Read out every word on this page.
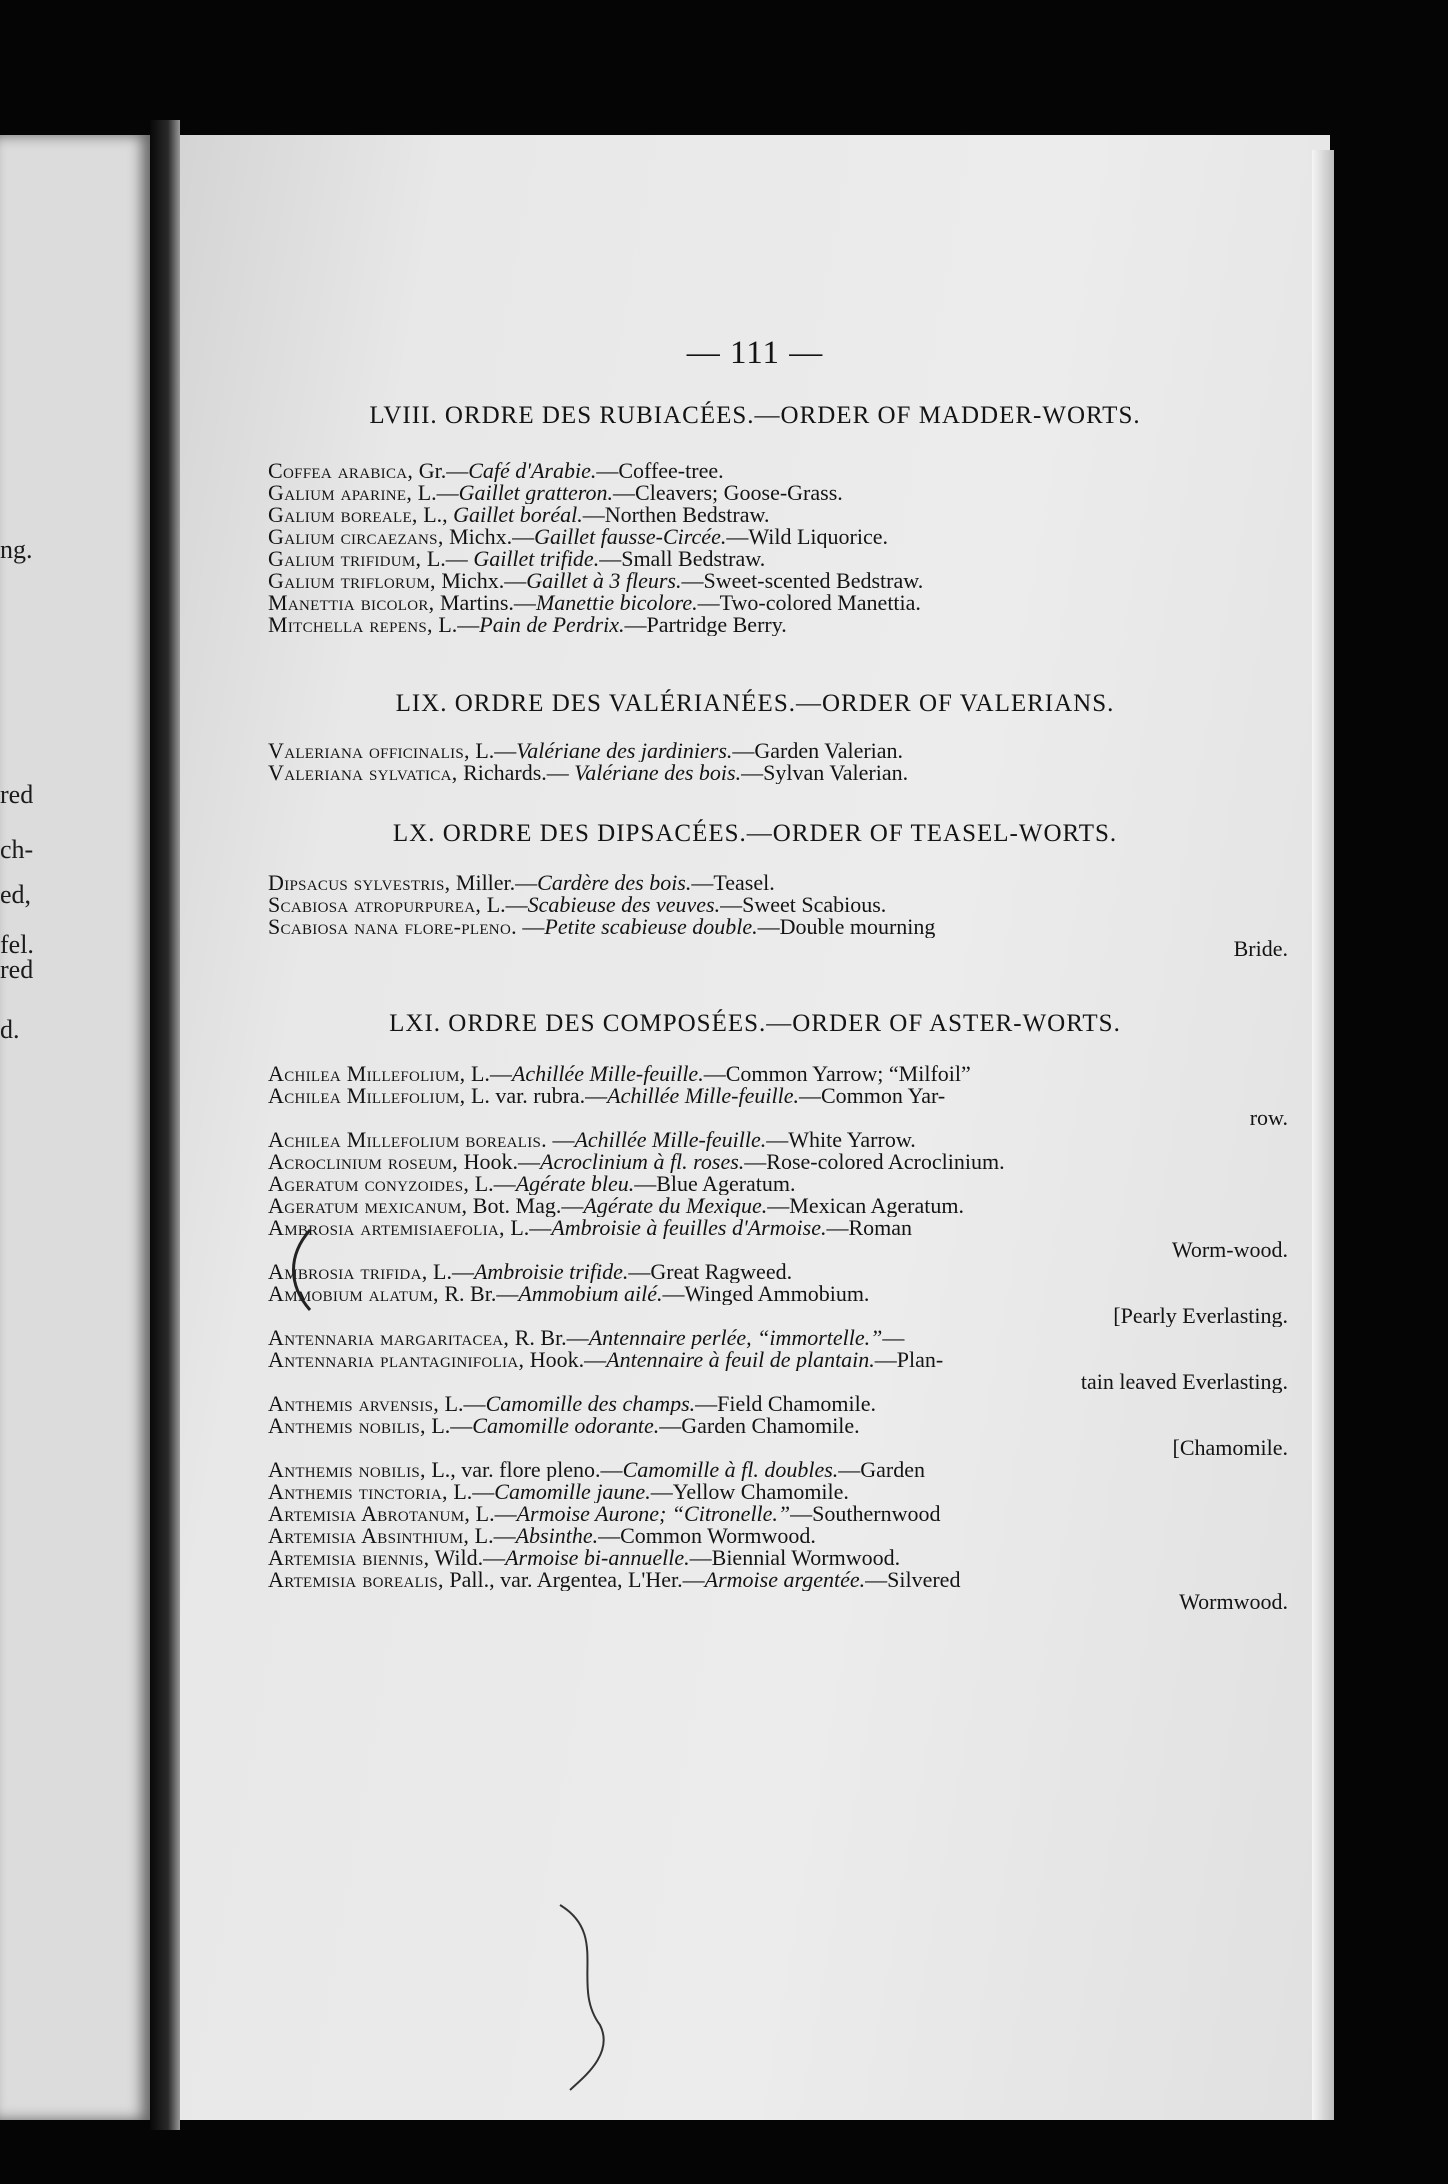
ng.
red
ch-
ed,
fel.
red
d.
— 111 —
LVIII. ORDRE DES RUBIACÉES.—ORDER OF MADDER-WORTS.
Coffea arabica, Gr.—Café d'Arabie.—Coffee-tree.
Galium aparine, L.—Gaillet gratteron.—Cleavers; Goose-Grass.
Galium boreale, L., Gaillet boréal.—Northen Bedstraw.
Galium circaezans, Michx.—Gaillet fausse-Circée.—Wild Liquorice.
Galium trifidum, L.— Gaillet trifide.—Small Bedstraw.
Galium triflorum, Michx.—Gaillet à 3 fleurs.—Sweet-scented Bedstraw.
Manettia bicolor, Martins.—Manettie bicolore.—Two-colored Manettia.
Mitchella repens, L.—Pain de Perdrix.—Partridge Berry.
LIX. ORDRE DES VALÉRIANÉES.—ORDER OF VALERIANS.
Valeriana officinalis, L.—Valériane des jardiniers.—Garden Valerian.
Valeriana sylvatica, Richards.— Valériane des bois.—Sylvan Valerian.
LX. ORDRE DES DIPSACÉES.—ORDER OF TEASEL-WORTS.
Dipsacus sylvestris, Miller.—Cardère des bois.—Teasel.
Scabiosa atropurpurea, L.—Scabieuse des veuves.—Sweet Scabious.
Scabiosa nana flore-pleno. —Petite scabieuse double.—Double mourning
Bride.
LXI. ORDRE DES COMPOSÉES.—ORDER OF ASTER-WORTS.
Achilea Millefolium, L.—Achillée Mille-feuille.—Common Yarrow; “Milfoil”
Achilea Millefolium, L. var. rubra.—Achillée Mille-feuille.—Common Yar-
row.
Achilea Millefolium borealis. —Achillée Mille-feuille.—White Yarrow.
Acroclinium roseum, Hook.—Acroclinium à fl. roses.—Rose-colored Acroclinium.
Ageratum conyzoides, L.—Agérate bleu.—Blue Ageratum.
Ageratum mexicanum, Bot. Mag.—Agérate du Mexique.—Mexican Ageratum.
Ambrosia artemisiaefolia, L.—Ambroisie à feuilles d'Armoise.—Roman
Worm-wood.
Ambrosia trifida, L.—Ambroisie trifide.—Great Ragweed.
Ammobium alatum, R. Br.—Ammobium ailé.—Winged Ammobium.
[Pearly Everlasting.
Antennaria margaritacea, R. Br.—Antennaire perlée, “immortelle.”—
Antennaria plantaginifolia, Hook.—Antennaire à feuil de plantain.—Plan-
tain leaved Everlasting.
Anthemis arvensis, L.—Camomille des champs.—Field Chamomile.
Anthemis nobilis, L.—Camomille odorante.—Garden Chamomile.
[Chamomile.
Anthemis nobilis, L., var. flore pleno.—Camomille à fl. doubles.—Garden
Anthemis tinctoria, L.—Camomille jaune.—Yellow Chamomile.
Artemisia Abrotanum, L.—Armoise Aurone; “Citronelle.”—Southernwood
Artemisia Absinthium, L.—Absinthe.—Common Wormwood.
Artemisia biennis, Wild.—Armoise bi-annuelle.—Biennial Wormwood.
Artemisia borealis, Pall., var. Argentea, L'Her.—Armoise argentée.—Silvered
Wormwood.
